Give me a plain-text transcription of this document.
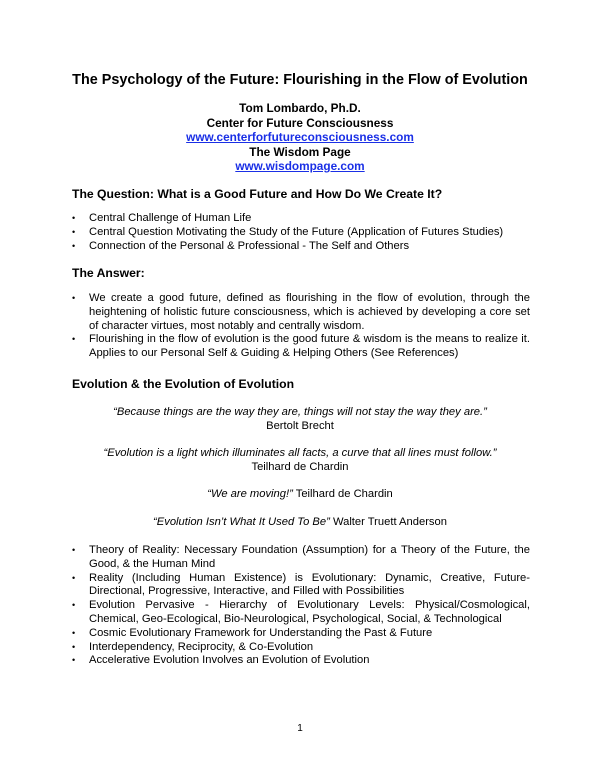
The Psychology of the Future: Flourishing in the Flow of Evolution
Tom Lombardo, Ph.D.
Center for Future Consciousness
www.centerforfutureconsciousness.com
The Wisdom Page
www.wisdompage.com
The Question: What is a Good Future and How Do We Create It?
• Central Challenge of Human Life
• Central Question Motivating the Study of the Future (Application of Futures Studies)
• Connection of the Personal & Professional - The Self and Others
The Answer:
• We create a good future, defined as flourishing in the flow of evolution, through the heightening of holistic future consciousness, which is achieved by developing a core set of character virtues, most notably and centrally wisdom.
• Flourishing in the flow of evolution is the good future & wisdom is the means to realize it. Applies to our Personal Self & Guiding & Helping Others (See References)
Evolution & the Evolution of Evolution
“Because things are the way they are, things will not stay the way they are.”
Bertolt Brecht
“Evolution is a light which illuminates all facts, a curve that all lines must follow.”
Teilhard de Chardin
“We are moving!” Teilhard de Chardin
“Evolution Isn’t What It Used To Be” Walter Truett Anderson
• Theory of Reality: Necessary Foundation (Assumption) for a Theory of the Future, the Good, & the Human Mind
• Reality (Including Human Existence) is Evolutionary: Dynamic, Creative, Future-Directional, Progressive, Interactive, and Filled with Possibilities
• Evolution Pervasive - Hierarchy of Evolutionary Levels: Physical/Cosmological, Chemical, Geo-Ecological, Bio-Neurological, Psychological, Social, & Technological
• Cosmic Evolutionary Framework for Understanding the Past & Future
• Interdependency, Reciprocity, & Co-Evolution
• Accelerative Evolution Involves an Evolution of Evolution
1
